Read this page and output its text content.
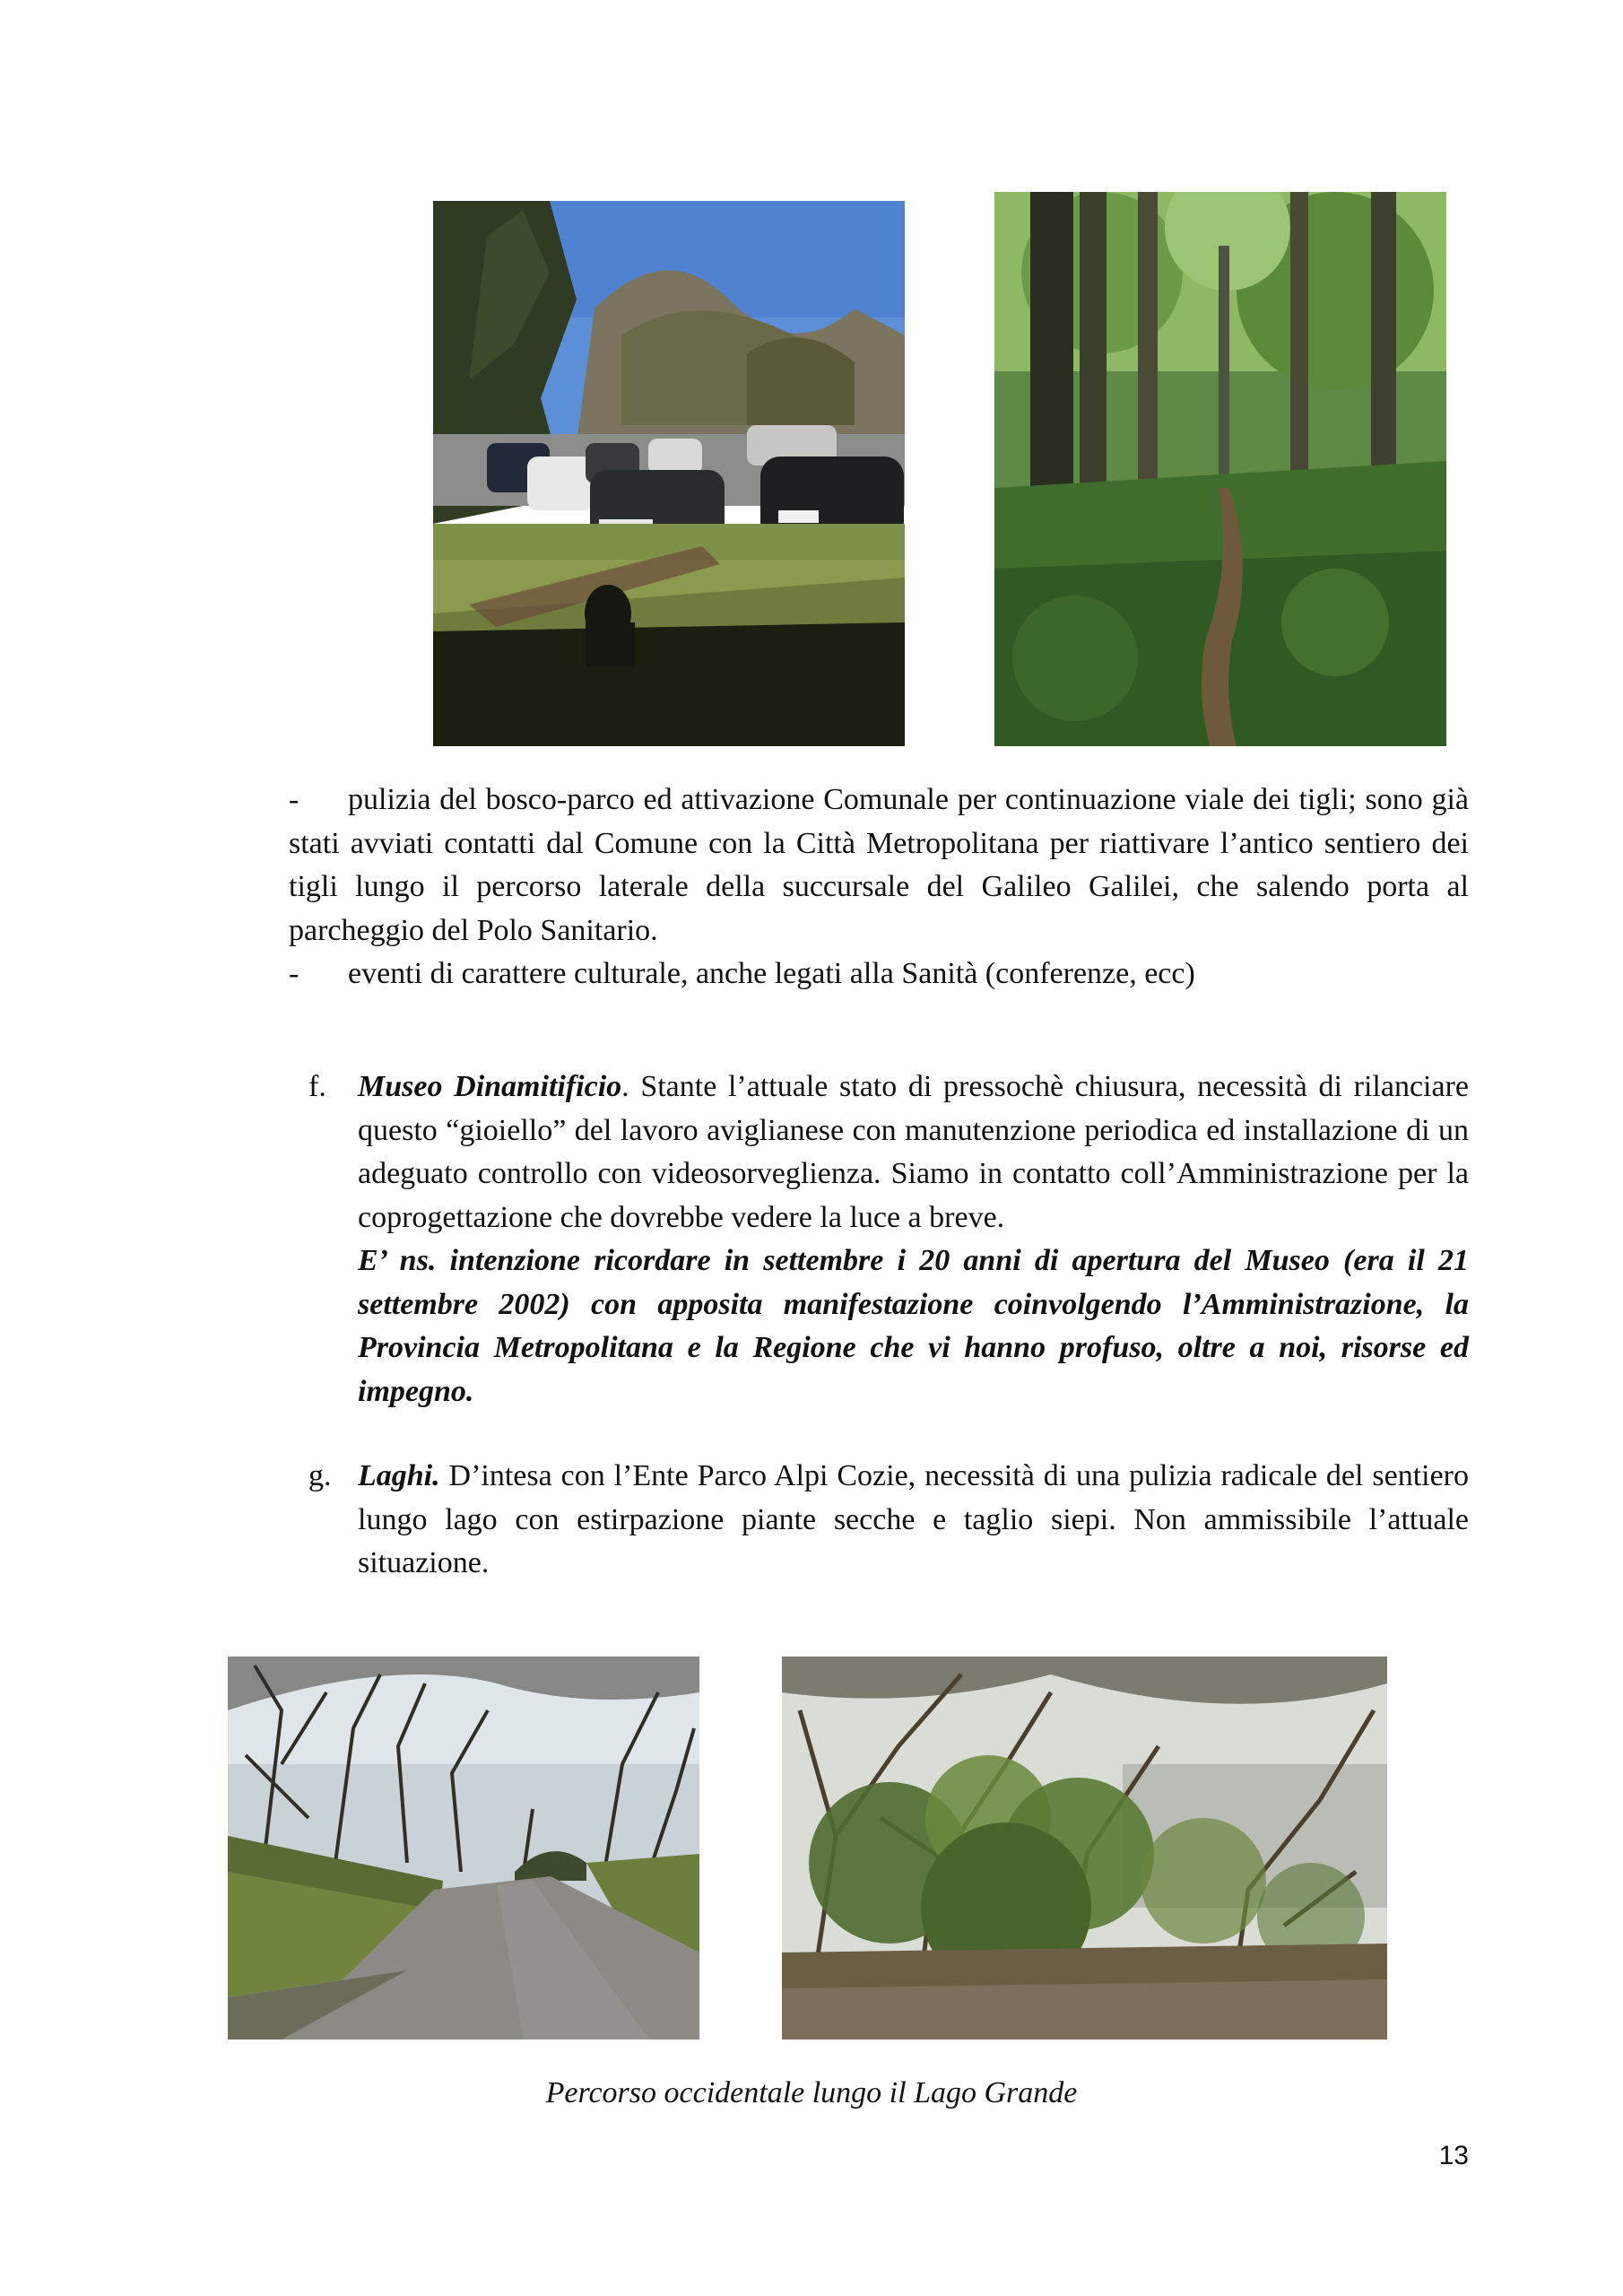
- pulizia del bosco-parco ed attivazione Comunale per continuazione viale dei tigli; sono già stati avviati contatti dal Comune con la Città Metropolitana per riattivare l’antico sentiero dei tigli lungo il percorso laterale della succursale del Galileo Galilei, che salendo porta al parcheggio del Polo Sanitario.
- eventi di carattere culturale, anche legati alla Sanità (conferenze, ecc)
f. Museo Dinamitificio. Stante l’attuale stato di pressochè chiusura, necessità di rilanciare questo “gioiello” del lavoro aviglianese con manutenzione periodica ed installazione di un adeguato controllo con videosorveglienza. Siamo in contatto coll’Amministrazione per la coprogettazione che dovrebbe vedere la luce a breve.
E’ ns. intenzione ricordare in settembre i 20 anni di apertura del Museo (era il 21 settembre 2002) con apposita manifestazione coinvolgendo l’Amministrazione, la Provincia Metropolitana e la Regione che vi hanno profuso, oltre a noi, risorse ed impegno.
g. Laghi. D’intesa con l’Ente Parco Alpi Cozie, necessità di una pulizia radicale del sentiero lungo lago con estirpazione piante secche e taglio siepi. Non ammissibile l’attuale situazione.
Percorso occidentale lungo il Lago Grande
13
